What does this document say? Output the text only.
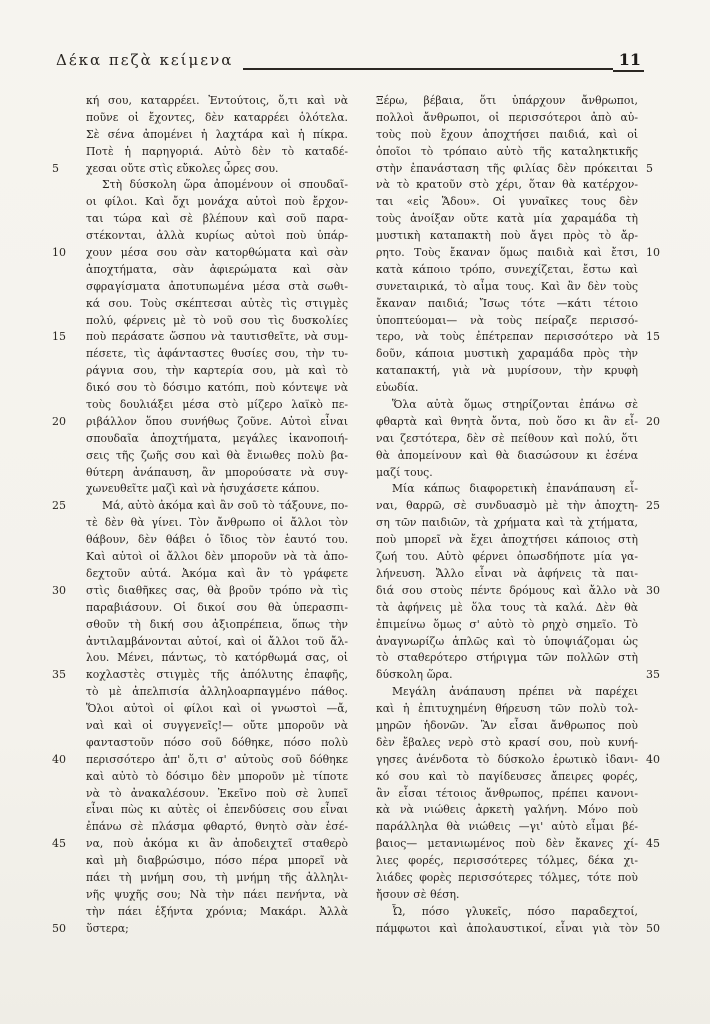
Δέκα πεζὰ κείμενα	11
κή σου, καταρρέει. Ἐντούτοις, ὅ,τι καὶ νὰ
ποῦνε οἱ ἔχοντες, δὲν καταρρέει ὁλότελα.
Σὲ σένα ἀπομένει ἡ λαχτάρα καὶ ἡ πίκρα.
Ποτὲ ἡ παρηγοριά. Αὐτὸ δὲν τὸ καταδέ-
χεσαι οὔτε στὶς εὔκολες ὧρες σου.
5
Στὴ δύσκολη ὥρα ἀπομένουν οἱ σπουδαῖ-
οι φίλοι. Καὶ ὄχι μονάχα αὐτοὶ ποὺ ἔρχον-
ται τώρα καὶ σὲ βλέπουν καὶ σοῦ παρα-
στέκονται, ἀλλὰ κυρίως αὐτοὶ ποὺ ὑπάρ-
χουν μέσα σου σὰν κατορθώματα καὶ σὰν
10
ἀποχτήματα, σὰν ἀφιερώματα καὶ σὰν
σφραγίσματα ἀποτυπωμένα μέσα στὰ σωθι-
κά σου. Τοὺς σκέπτεσαι αὐτὲς τὶς στιγμὲς
πολύ, φέρνεις μὲ τὸ νοῦ σου τὶς δυσκολίες
ποὺ περάσατε ὥσπου νὰ ταυτισθεῖτε, νὰ συμ-
15
πέσετε, τὶς ἀφάνταστες θυσίες σου, τὴν τυ-
ράγνια σου, τὴν καρτερία σου, μὰ καὶ τὸ
δικό σου τὸ δόσιμο κατόπι, ποὺ κόντεψε νὰ
τοὺς δουλιάξει μέσα στὸ μίζερο λαϊκὸ πε-
ριβάλλον ὅπου συνήθως ζοῦνε. Αὐτοὶ εἶναι
20
σπουδαῖα ἀποχτήματα, μεγάλες ἱκανοποιή-
σεις τῆς ζωῆς σου καὶ θὰ ἔνιωθες πολὺ βα-
θύτερη ἀνάπαυση, ἂν μπορούσατε νὰ συγ-
χωνευθεῖτε μαζὶ καὶ νὰ ἡσυχάσετε κάπου.
Μά, αὐτὸ ἀκόμα καὶ ἂν σοῦ τὸ τάξουνε, πο-
25
τὲ δὲν θὰ γίνει. Τὸν ἄνθρωπο οἱ ἄλλοι τὸν
θάβουν, δὲν θάβει ὁ ἴδιος τὸν ἑαυτό του.
Καὶ αὐτοὶ οἱ ἄλλοι δὲν μποροῦν νὰ τὰ ἀπο-
δεχτοῦν αὐτά. Ἀκόμα καὶ ἂν τὸ γράφετε
στὶς διαθῆκες σας, θὰ βροῦν τρόπο νὰ τὶς
30
παραβιάσουν. Οἱ δικοί σου θὰ ὑπερασπι-
σθοῦν τὴ δική σου ἀξιοπρέπεια, ὅπως τὴν
ἀντιλαμβάνονται αὐτοί, καὶ οἱ ἄλλοι τοῦ ἄλ-
λου. Μένει, πάντως, τὸ κατόρθωμά σας, οἱ
κοχλαστὲς στιγμὲς τῆς ἀπόλυτης ἐπαφῆς,
35
τὸ μὲ ἀπελπισία ἀλληλοαρπαγμένο πάθος.
Ὅλοι αὐτοὶ οἱ φίλοι καὶ οἱ γνωστοὶ —ἄ,
ναὶ καὶ οἱ συγγενεῖς!— οὔτε μποροῦν νὰ
φανταστοῦν πόσο σοῦ δόθηκε, πόσο πολὺ
περισσότερο ἀπ' ὅ,τι σ' αὐτοὺς σοῦ δόθηκε
40
καὶ αὐτὸ τὸ δόσιμο δὲν μποροῦν μὲ τίποτε
νὰ τὸ ἀνακαλέσουν. Ἐκεῖνο ποὺ σὲ λυπεῖ
εἶναι πὼς κι αὐτὲς οἱ ἐπενδύσεις σου εἶναι
ἐπάνω σὲ πλάσμα φθαρτό, θνητὸ σὰν ἐσέ-
να, ποὺ ἀκόμα κι ἂν ἀποδειχτεῖ σταθερὸ
45
καὶ μὴ διαβρώσιμο, πόσο πέρα μπορεῖ νὰ
πάει τὴ μνήμη σου, τὴ μνήμη τῆς ἀλληλι-
νῆς ψυχῆς σου; Νὰ τὴν πάει πενήντα, νὰ
τὴν πάει ἑξήντα χρόνια; Μακάρι. Ἀλλὰ
ὕστερα;
50
Ξέρω, βέβαια, ὅτι ὑπάρχουν ἄνθρωποι,
πολλοὶ ἄνθρωποι, οἱ περισσότεροι ἀπὸ αὐ-
τοὺς ποὺ ἔχουν ἀποχτήσει παιδιά, καὶ οἱ
ὁποῖοι τὸ τρόπαιο αὐτὸ τῆς καταληκτικῆς
στὴν ἐπανάσταση τῆς φιλίας δὲν πρόκειται 5
νὰ τὸ κρατοῦν στὸ χέρι, ὅταν θὰ κατέρχον-
ται «εἰς Ἅδου». Οἱ γυναῖκες τους δὲν
τοὺς ἀνοίξαν οὔτε κατὰ μία χαραμάδα τὴ
μυστικὴ καταπακτὴ ποὺ ἄγει πρὸς τὸ ἄρ-
ρητο. Τοὺς ἔκαναν ὅμως παιδιὰ καὶ ἔτσι, 10
κατὰ κάποιο τρόπο, συνεχίζεται, ἔστω καὶ
συνεταιρικά, τὸ αἷμα τους. Καὶ ἂν δὲν τοὺς
ἔκαναν παιδιά; Ἴσως τότε —κάτι τέτοιο
ὑποπτεύομαι— νὰ τοὺς πείραζε περισσό-
τερο, νὰ τοὺς ἐπέτρεπαν περισσότερο νὰ 15
δοῦν, κάποια μυστικὴ χαραμάδα πρὸς τὴν
καταπακτή, γιὰ νὰ μυρίσουν, τὴν κρυφὴ
εὐωδία.
Ὅλα αὐτὰ ὅμως στηρίζονται ἐπάνω σὲ
φθαρτὰ καὶ θνητὰ ὄντα, ποὺ ὅσο κι ἂν εἶ- 20
ναι ζεστότερα, δὲν σὲ πείθουν καὶ πολύ, ὅτι
θὰ ἀπομείνουν καὶ θὰ διασώσουν κι ἐσένα
μαζί τους.
Μία κάπως διαφορετικὴ ἐπανάπαυση εἶ-
ναι, θαρρῶ, σὲ συνδυασμὸ μὲ τὴν ἀποχτη- 25
ση τῶν παιδιῶν, τὰ χρήματα καὶ τὰ χτήματα,
ποὺ μπορεῖ νὰ ἔχει ἀποχτήσει κάποιος στὴ
ζωή του. Αὐτὸ φέρνει ὁπωσδήποτε μία γα-
λήνευση. Ἄλλο εἶναι νὰ ἀφήνεις τὰ παι-
διά σου στοὺς πέντε δρόμους καὶ ἄλλο νὰ 30
τὰ ἀφήνεις μὲ ὅλα τους τὰ καλά. Δὲν θὰ
ἐπιμείνω ὅμως σ' αὐτὸ τὸ ρηχὸ σημεῖο. Τὸ
ἀναγνωρίζω ἁπλῶς καὶ τὸ ὑποψιάζομαι ὡς
τὸ σταθερότερο στήριγμα τῶν πολλῶν στὴ
δύσκολη ὥρα.	35
Μεγάλη ἀνάπαυση πρέπει νὰ παρέχει
καὶ ἡ ἐπιτυχημένη θήρευση τῶν πολὺ τολ-
μηρῶν ἡδονῶν. Ἂν εἶσαι ἄνθρωπος ποὺ
δὲν ἔβαλες νερὸ στὸ κρασί σου, ποὺ κυνή-
γησες ἀνένδοτα τὸ δύσκολο ἐρωτικὸ ἰδανι- 40
κό σου καὶ τὸ παγίδευσες ἄπειρες φορές,
ἂν εἶσαι τέτοιος ἄνθρωπος, πρέπει κανονι-
κὰ νὰ νιώθεις ἀρκετὴ γαλήνη. Μόνο ποὺ
παράλληλα θὰ νιώθεις —γι' αὐτὸ εἶμαι βέ-
βαιος— μετανιωμένος ποὺ δὲν ἔκανες χί- 45
λιες φορές, περισσότερες τόλμες, δέκα χι-
λιάδες φορὲς περισσότερες τόλμες, τότε ποὺ
ἤσουν σὲ θέση.
Ὦ, πόσο γλυκεῖς, πόσο παραδεχτοί,
πάμφωτοι καὶ ἀπολαυστικοί, εἶναι γιὰ τὸν 50
